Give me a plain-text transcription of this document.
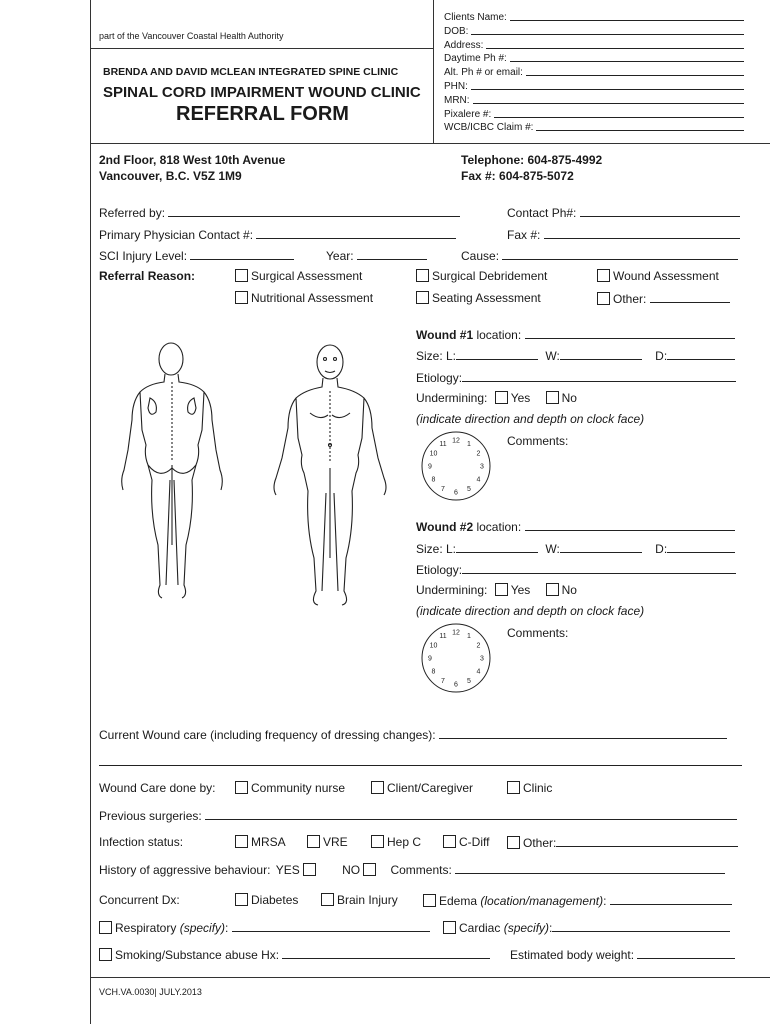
part of the Vancouver Coastal Health Authority
BRENDA AND DAVID MCLEAN INTEGRATED SPINE CLINIC
SPINAL CORD IMPAIRMENT WOUND CLINIC
REFERRAL FORM
Clients Name:
DOB:
Address:
Daytime Ph #:
Alt. Ph # or email:
PHN:
MRN:
Pixalere #:
WCB/ICBC Claim #:
2nd Floor, 818 West 10th Avenue
Vancouver, B.C. V5Z 1M9
Telephone: 604-875-4992
Fax #: 604-875-5072
Referred by:	Contact Ph#:
Primary Physician Contact #:	Fax #:
SCI Injury Level:	Year:	Cause:
Referral Reason:	Surgical Assessment	Surgical Debridement	Wound Assessment
Nutritional Assessment	Seating Assessment	Other:
Wound #1 location:
Size: L:	W:	D:
Etiology:
Undermining: Yes	No
(indicate direction and depth on clock face)
Comments:
12 1
2
3
4
5
6
7
8
9
10
11
Wound #2 location:
Size: L:	W:	D:
Etiology:
Undermining: Yes	No
(indicate direction and depth on clock face)
Comments:
12 1
2
3
4
5
6
7
8
9
10
11
Current Wound care (including frequency of dressing changes):
Wound Care done by:	Community nurse	Client/Caregiver	Clinic
Previous surgeries:
Infection status:	MRSA	VRE	Hep C	C-Diff	Other:
History of aggressive behaviour: YES	NO	Comments:
Concurrent Dx:	Diabetes	Brain Injury	Edema (location/management):
Respiratory (specify):	Cardiac (specify):
Smoking/Substance abuse Hx:	Estimated body weight:
VCH.VA.0030| JULY.2013
